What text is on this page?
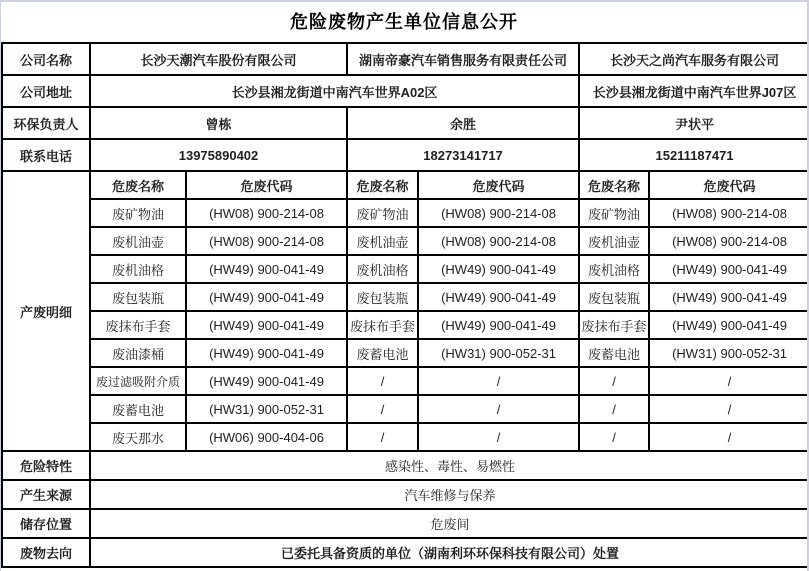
危险废物产生单位信息公开
公司名称	长沙天潮汽车股份有限公司		湖南帝豪汽车销售服务有限责任公司		长沙天之尚汽车服务有限公司	
公司地址	长沙县湘龙街道中南汽车世界A02区				长沙县湘龙街道中南汽车世界J07区	
环保负责人	曾栋		余胜		尹状平	
联系电话	13975890402		18273141717		15211187471	
产废明细	危废名称	危废代码	危废名称	危废代码	危废名称	危废代码
	废矿物油	(HW08) 900-214-08	废矿物油	(HW08) 900-214-08	废矿物油	(HW08) 900-214-08
	废机油壶	(HW08) 900-214-08	废机油壶	(HW08) 900-214-08	废机油壶	(HW08) 900-214-08
	废机油格	(HW49) 900-041-49	废机油格	(HW49) 900-041-49	废机油格	(HW49) 900-041-49
	废包装瓶	(HW49) 900-041-49	废包装瓶	(HW49) 900-041-49	废包装瓶	(HW49) 900-041-49
	废抹布手套	(HW49) 900-041-49	废抹布手套	(HW49) 900-041-49	废抹布手套	(HW49) 900-041-49
	废油漆桶	(HW49) 900-041-49	废蓄电池	(HW31) 900-052-31	废蓄电池	(HW31) 900-052-31
	废过滤吸附介质	(HW49) 900-041-49	/	/	/	/
	废蓄电池	(HW31) 900-052-31	/	/	/	/
	废天那水	(HW06) 900-404-06	/	/	/	/
危险特性	感染性、毒性、易燃性					
产生来源	汽车维修与保养					
储存位置	危废间					
废物去向	已委托具备资质的单位（湖南利环环保科技有限公司）处置					
